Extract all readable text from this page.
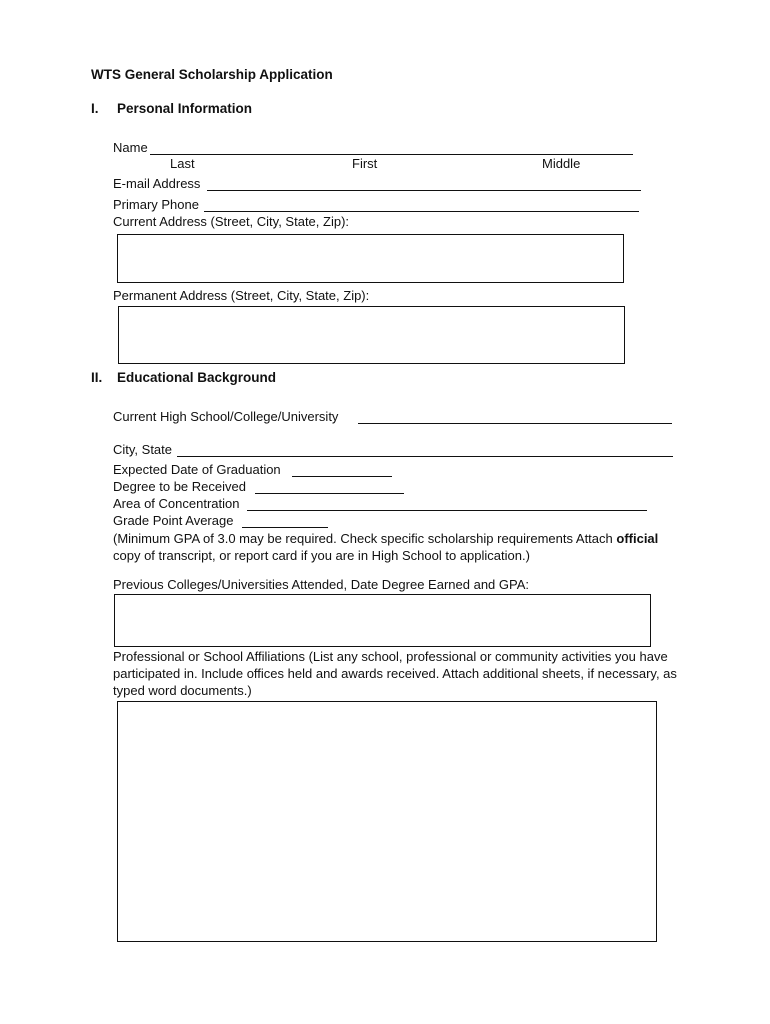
WTS General Scholarship Application
I. Personal Information
Name
Last	First	Middle
E-mail Address
Primary Phone
Current Address (Street, City, State, Zip):
Permanent Address (Street, City, State, Zip):
II. Educational Background
Current High School/College/University
City, State
Expected Date of Graduation
Degree to be Received
Area of Concentration
Grade Point Average
(Minimum GPA of 3.0 may be required. Check specific scholarship requirements Attach official copy of transcript, or report card if you are in High School to application.)
Previous Colleges/Universities Attended, Date Degree Earned and GPA:
Professional or School Affiliations (List any school, professional or community activities you have participated in. Include offices held and awards received. Attach additional sheets, if necessary, as typed word documents.)
